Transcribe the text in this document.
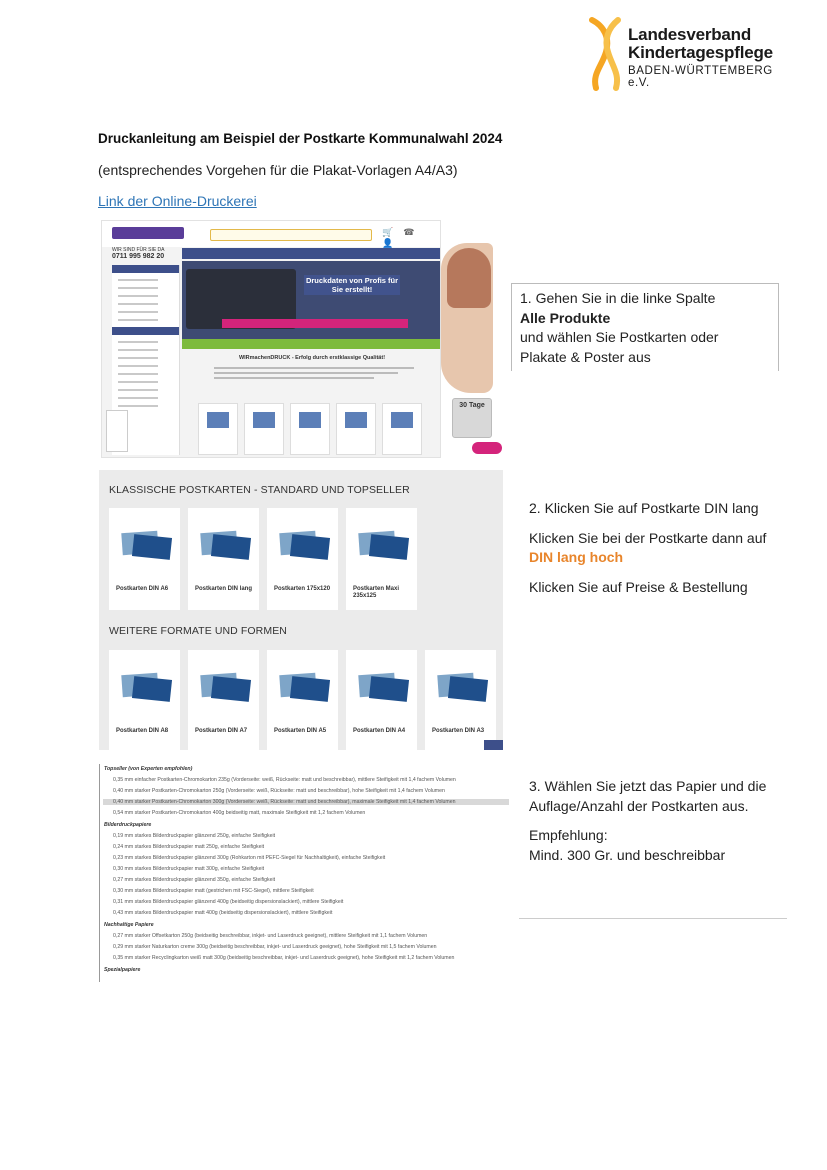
Landesverband
Kindertagespflege
BADEN-WÜRTTEMBERG e.V.
Druckanleitung am Beispiel der Postkarte Kommunalwahl 2024
(entsprechendes Vorgehen für die Plakat-Vorlagen A4/A3)
Link der Online-Druckerei
🛒☎👤
WIR SIND FÜR SIE DA
0711 995 982 20
Druckdaten von Profis für Sie erstellt!
WIRmachenDRUCK - Erfolg durch erstklassige Qualität!
30 Tage
1. Gehen Sie in die linke Spalte
Alle Produkte
und wählen Sie Postkarten oder
Plakate & Poster aus
KLASSISCHE POSTKARTEN - STANDARD UND TOPSELLER
Postkarten DIN A6	Postkarten DIN lang	Postkarten 175x120	Postkarten Maxi 235x125
WEITERE FORMATE UND FORMEN
Postkarten DIN A8	Postkarten DIN A7	Postkarten DIN A5	Postkarten DIN A4	Postkarten DIN A3
2. Klicken Sie auf Postkarte DIN lang
Klicken Sie bei der Postkarte dann auf
DIN lang hoch
Klicken Sie auf Preise & Bestellung
Topseller (von Experten empfohlen)
0,35 mm einfacher Postkarten-Chromokarton 235g (Vorderseite: weiß, Rückseite: matt und beschreibbar), mittlere Steifigkeit mit 1,4 fachem Volumen
0,40 mm starker Postkarten-Chromokarton 250g (Vorderseite: weiß, Rückseite: matt und beschreibbar), hohe Steifigkeit mit 1,4 fachem Volumen
0,40 mm starker Postkarten-Chromokarton 300g (Vorderseite: weiß, Rückseite: matt und beschreibbar), maximale Steifigkeit mit 1,4 fachem Volumen
0,54 mm starker Postkarten-Chromokarton 400g beidseitig matt, maximale Steifigkeit mit 1,2 fachem Volumen
Bilderdruckpapiere
0,19 mm starkes Bilderdruckpapier glänzend 250g, einfache Steifigkeit
0,24 mm starkes Bilderdruckpapier matt 250g, einfache Steifigkeit
0,23 mm starkes Bilderdruckpapier glänzend 300g (Rohkarton mit PEFC-Siegel für Nachhaltigkeit), einfache Steifigkeit
0,30 mm starkes Bilderdruckpapier matt 300g, einfache Steifigkeit
0,27 mm starkes Bilderdruckpapier glänzend 350g, einfache Steifigkeit
0,30 mm starkes Bilderdruckpapier matt (gestrichen mit FSC-Siegel), mittlere Steifigkeit
0,31 mm starkes Bilderdruckpapier glänzend 400g (beidseitig dispersionslackiert), mittlere Steifigkeit
0,43 mm starkes Bilderdruckpapier matt 400g (beidseitig dispersionslackiert), mittlere Steifigkeit
Nachhaltige Papiere
0,27 mm starker Offsetkarton 250g (beidseitig beschreibbar, inkjet- und Laserdruck geeignet), mittlere Steifigkeit mit 1,1 fachem Volumen
0,29 mm starker Naturkarton creme 300g (beidseitig beschreibbar, inkjet- und Laserdruck geeignet), hohe Steifigkeit mit 1,5 fachem Volumen
0,35 mm starker Recyclingkarton weiß matt 300g (beidseitig beschreibbar, inkjet- und Laserdruck geeignet), hohe Steifigkeit mit 1,2 fachem Volumen
Spezialpapiere
3. Wählen Sie jetzt das Papier und die
Auflage/Anzahl der Postkarten aus.
Empfehlung:
Mind. 300 Gr. und beschreibbar
